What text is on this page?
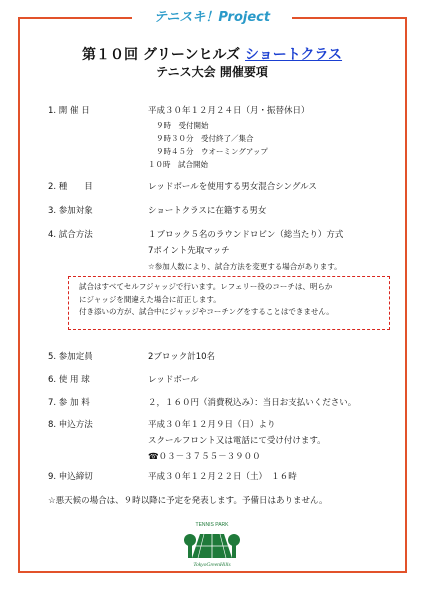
テニスキ！Project
第１０回 グリーンヒルズ ショートクラス
テニス大会 開催要項
1. 開 催 日	平成３０年１２月２４日（月・振替休日）
９時　受付開始
９時３０分　受付終了／集合
９時４５分　ウオーミングアップ
１０時　試合開始
2. 種　　目	レッドボールを使用する男女混合シングルス
3. 参加対象	ショートクラスに在籍する男女
4. 試合方法	１ブロック５名のラウンドロビン（総当たり）方式
7ポイント先取マッチ
☆参加人数により、試合方法を変更する場合があります。
試合はすべてセルフジャッジで行います。レフェリー役のコーチは、明らか
にジャッジを間違えた場合に訂正します。
付き添いの方が、試合中にジャッジやコーチングをすることはできません。
5. 参加定員	2ブロック計10名
6. 使 用 球	レッドボール
7. 参 加 料	２，１６０円（消費税込み）：当日お支払いください。
8. 申込方法	平成３０年１２月９日（日）より
スクールフロント又は電話にて受け付けます。
☎０３－３７５５－３９００
9. 申込締切	平成３０年１２月２２日（土）　１６時
☆悪天候の場合は、９時以降に予定を発表します。予備日はありません。
TENNIS PARK
TokyoGreenHills
